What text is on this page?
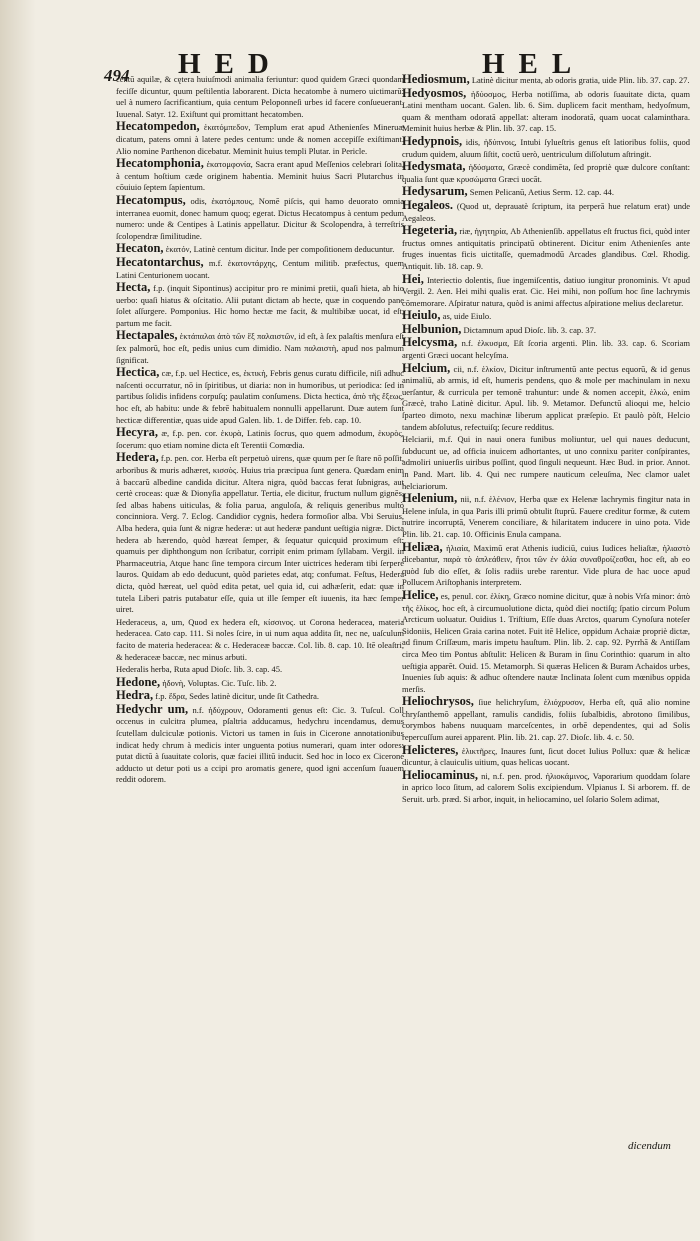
494 HED	HEL

centū aquilæ, & cętera huiuſmodi animalia feriuntur: quod quidem Græci quondam feciſſe dicuntur, quum peſtilentia laborarent. Dicta hecatombe à numero uictimarū: uel à numero ſacrificantium, quia centum Peloponneſi urbes id facere conſueuerant. Iuuenal. Satyr. 12. Exiſtunt qui promittant hecatomben.

Hecatompedon, ἑκατόμπεδον, Templum erat apud Athenienſes Mineruæ dicatum, patens omni à latere pedes centum: unde & nomen accepiſſe exiſtimant. Alio nomine Parthenon dicebatur. Meminit huius templi Plutar. in Pericle.

Hecatomphonia, ἑκατομφονία, Sacra erant apud Meſſenios celebrari ſolita, à centum hoſtium cæde originem habentia. Meminit huius Sacri Plutarchus in cōuiuio ſeptem ſapientum.

Hecatompus, odis, ἑκατόμπους, Nomē piſcis, qui hamo deuorato omnia interranea euomit, donec hamum quoq; egerat. Dictus Hecatompus à centum pedum numero: unde & Centipes à Latinis appellatur. Dicitur & Scolopendra, à terreſtris ſcolopendræ ſimilitudine.

Hecaton, ἑκατόν, Latinè centum dicitur. Inde per compoſitionem deducuntur.

Hecatontarchus, m.f. ἑκατοντάρχης, Centum militib. præfectus, quem Latini Centurionem uocant.

Hecta, f.p. (inquit Sipontinus) accipitur pro re minimi pretii, quaſi hieta, ab hio uerbo: quaſi hiatus & oſcitatio. Alii putant dictam ab hecte, quæ in coquendo pane ſolet aſſurgere. Pomponius. Hic homo hectæ me facit, & multibibæ uocat, id eſt, partum me facit.

Hectapales, ἑκτάπαλαι ἀπὸ τῶν ἓξ παλαιστῶν, id eſt, à ſex palaſtis menſura eſt ſex palmorū, hoc eſt, pedis unius cum dimidio. Nam παλαιστὴ, apud nos palmum ſignificat.

Hectica, cæ, f.p. uel Hectice, es, ἑκτικὴ, Febris genus curatu difficile, niſi adhuc naſcenti occurratur, nō in ſpiritibus, ut diaria: non in humoribus, ut periodica: ſed in partibus ſolidis infidens corpuſq; paulatim conſumens. Dicta hectica, ἀπὸ τῆς ἕξεως, hoc eſt, ab habitu: unde & febrē habitualem nonnulli appellarunt. Duæ autem ſunt hecticæ differentiæ, quas uide apud Galen. lib. 1. de Differ. feb. cap. 10.

Hecyra, æ, f.p. pen. cor. ἑκυρὰ, Latinis ſocrus, quo quem admodum, ἑκυρὸς, ſocerum: quo etiam nomine dicta eſt Terentii Comœdia.

Hedera, f.p. pen. cor. Herba eſt perpetuò uirens, quæ quum per ſe ſtare nō poſſit, arboribus & muris adhæret, κισσὸς. Huius tria præcipua ſunt genera. Quædam enim à baccarū albedine candida dicitur. Altera nigra, quòd baccas ferat ſubnigras, aut certè croceas: quæ & Dionyſia appellatur. Tertia, ele dicitur, fructum nullum gignēs, ſed albas habens uiticulas, & folia parua, anguloſa, & reliquis generibus multò concinniora. Verg. 7. Eclog. Candidior cygnis, hedera formoſior alba. Vbi Seruius, Alba hedera, quia ſunt & nigræ hederæ: ut aut hederæ pandunt ueſtigia nigræ. Dicta hedera ab hærendo, quòd hæreat ſemper, & ſequatur quicquid proximum eſt: quamuis per diphthongum non ſcribatur, corripit enim primam ſyllabam. Vergil. in Pharmaceutria, Atque hanc ſine tempora circum Inter uictrices hederam tibi ſerpere lauros. Quidam ab edo deducunt, quòd parietes edat, atq; confumat. Feſtus, Hedera dicta, quòd hæreat, uel quòd edita petat, uel quia id, cui adhæſerit, edat: quæ in tutela Liberi patris putabatur eſſe, quia ut ille ſemper eſt iuuenis, ita hæc ſemper uiret.

Hederaceus, a, um, Quod ex hedera eſt, κίσσινος. ut Corona hederacea, materia hederacea. Cato cap. 111. Si noles ſcire, in ui num aqua addita ſit, nec ne, uaſculum facito de materia hederacea: & c. Hederaceæ baccæ. Col. lib. 8. cap. 10. Itē oleaſtri, & hederaceæ baccæ, nec minus arbuti.

Hederalis herba, Ruta apud Dioſc. lib. 3. cap. 45.

Hedone, ἡδονὴ, Voluptas. Cic. Tuſc. lib. 2.

Hedra, f.p. ἕδρα, Sedes latinè dicitur, unde ſit Cathedra.

Hedychr um, n.f. ἡδύχρουν, Odoramenti genus eſt: Cic. 3. Tuſcul. Coll occenus in culcitra plumea, pſaltria adducamus, hedychru incendamus, demus ſcutellam dulciculæ potionis. Victori us tamen in ſuis in Cicerone annotationibus indicat hedy chrum à medicis inter unguenta potius numerari, quam inter odores: putat dictū à ſuauitate coloris, quæ faciei illitū inducit. Sed hoc in loco ex Cicerone adducto ut detur poti us a ccipi pro aromatis genere, quod igni accenſum ſuauem reddit odorem.

Hediosmum, Latinè dicitur menta, ab odoris gratia, uide Plin. lib. 37. cap. 27.

Hedyosmos, ἡδύοσμος, Herba notiſſima, ab odoris ſuauitate dicta, quam Latini mentham uocant. Galen. lib. 6. Sim. duplicem facit mentham, hedyoſmum, quam & mentham odoratā appellat: alteram inodoratā, quam uocat calaminthara. Meminit huius herbæ & Plin. lib. 37. cap. 15.

Hedypnois, idis, ἡδύπνοις, Intubi ſylueſtris genus eſt latioribus foliis, quod crudum quidem, aluum ſiſtit, coctū uerò, uentriculum diſſolutum aſtringit.

Hedysmata, ἡδύσματα, Græcè condimēta, ſed propriè quæ dulcore conſtant: qualia ſunt quæ κρυσώματα Græci uocāt.

Hedysarum, Semen Pelicanū, Aetius Serm. 12. cap. 44.

Hegaleos. (Quod ut, deprauatè ſcriptum, ita perperā hue relatum erat) unde Aegaleos.

Hegeteria, riæ, ἡγητηρία, Ab Athenienſib. appellatus eſt fructus fici, quòd inter fructus omnes antiquitatis principatū obtinerent. Dicitur enim Athenienſes ante fruges inuentas ficis uictitaſſe, quemadmodū Arcades glandibus. Cœl. Rhodig. Antiquit. lib. 18. cap. 9.

Hei, Interiectio dolentis, ſiue ingemiſcentis, datiuo iungitur pronominis. Vt apud Vergil. 2. Aen. Hei mihi qualis erat. Cic. Hei mihi, non poſſum hoc ſine lachrymis cōmemorare. Aſpiratur natura, quòd is animi affectus aſpiratione melius declaretur.

Heiulo, as, uide Eiulo.

Helbunion, Dictamnum apud Dioſc. lib. 3. cap. 37.

Helcysma, n.f. ἑλκυσμα, Eſt ſcoria argenti. Plin. lib. 33. cap. 6. Scoriam argenti Græci uocant helcyſma.

Helcium, cii, n.f. ἑλκίον, Dicitur inſtrumentū ante pectus equorū, & id genus animaliū, ab armis, id eſt, humeris pendens, quo & mole per machinulam in nexu uerſantur, & curricula per temonē trahuntur: unde & nomen accepit, ἑλκώ, enim Græcè, traho Latinè dicitur. Apul. lib. 9. Metamor. Defunctū alioqui me, helcio ſparteo dimoto, nexu machinæ liberum applicat præſepio. Et paulò pòſt, Helcio tandem abſolutus, refectuiſq; ſecure redditus.

Helciarii, m.f. Qui in naui onera funibus moliuntur, uel qui naues deducunt, ſubducunt ue, ad officia inuicem adhortantes, ut uno connixu pariter conſpirantes, admoliri uniuerſis uiribus poſſint, quod ſinguli nequeunt. Hæc Bud. in prior. Annot. in Pand. Mart. lib. 4. Qui nec rumpere nauticum celeuſma, Nec clamor ualet helciariorum.

Helenium, nii, n.f. ἑλένιον, Herba quæ ex Helenæ lachrymis fingitur nata in Helene inſula, in qua Paris illi primū obtulit ſtuprū. Fauere creditur formæ, & cutem nutrire incorruptā, Venerem conciliare, & hilaritatem inducere in uino pota. Vide Plin. lib. 21. cap. 10. Officinis Enula campana.

Heliæa, ἡλιαία, Maximū erat Athenis iudiciū, cuius Iudices heliaſtæ, ἡλιαστὸ dicebantur, παρὰ τὸ ἁπλεάθειν, ἤτοι τῶν ἐν ἁλία συναθροίζεσθαι, hoc eſt, ab eo quòd ſub dio eſſet, & ſolis radiis urebe rarentur. Vide plura de hac uoce apud Pollucem Ariſtophanis interpretem.

Helice, es, penul. cor. ἑλίκη, Græco nomine dicitur, quæ à nobis Vrſa minor: ἀπὸ τῆς ἑλίκος, hoc eſt, à circumuolutione dicta, quòd diei noctiſq; ſpatio circum Polum Arcticum uoluatur. Ouidius 1. Triſtium, Eſſe duas Arctos, quarum Cynoſura noteſer Sidoniis, Helicen Graia carina notet. Fuit itē Helice, oppidum Achaiæ propriè dictæ, ad finum Criſſæum, maris impetu hauſtum. Plin. lib. 2. cap. 92. Pyrrhā & Antiſſam circa Meo tim Pontus abſtulit: Helicen & Buram in ſinu Corinthio: quarum in alto ueſtigia apparēt. Ouid. 15. Metamorph. Si quæras Helicen & Buram Achaidos urbes, Inuenies ſub aquis: & adhuc oſtendere nautæ Inclinata ſolent cum mœnibus oppida merſis.

Heliochrysos, ſiue helichryſum, ἑλιόχρυσον, Herba eſt, quā alio nomine chryſanthemō appellant, ramulis candidis, foliis ſubalbidis, abrotono ſimilibus, corymbos habens nuuquam marceſcentes, in orbē dependentes, qui ad Solis repercuſſum aurei apparent. Plin. lib. 21. cap. 27. Dioſc. lib. 4. c. 50.

Helicteres, ἑλικτῆρες, Inaures ſunt, ſicut docet Iulius Pollux: quæ & helicæ dicuntur, à clauiculis uitium, quas helicas uocant.

Heliocaminus, ni, n.f. pen. prod. ἡλιοκάμινος, Vaporarium quoddam ſolare in aprico loco ſitum, ad calorem Solis excipiendum. Vlpianus I. Si arborem. ff. de Seruit. urb. præd. Si arbor, inquit, in heliocamino, uel ſolario Solem adimat,

dicendum
